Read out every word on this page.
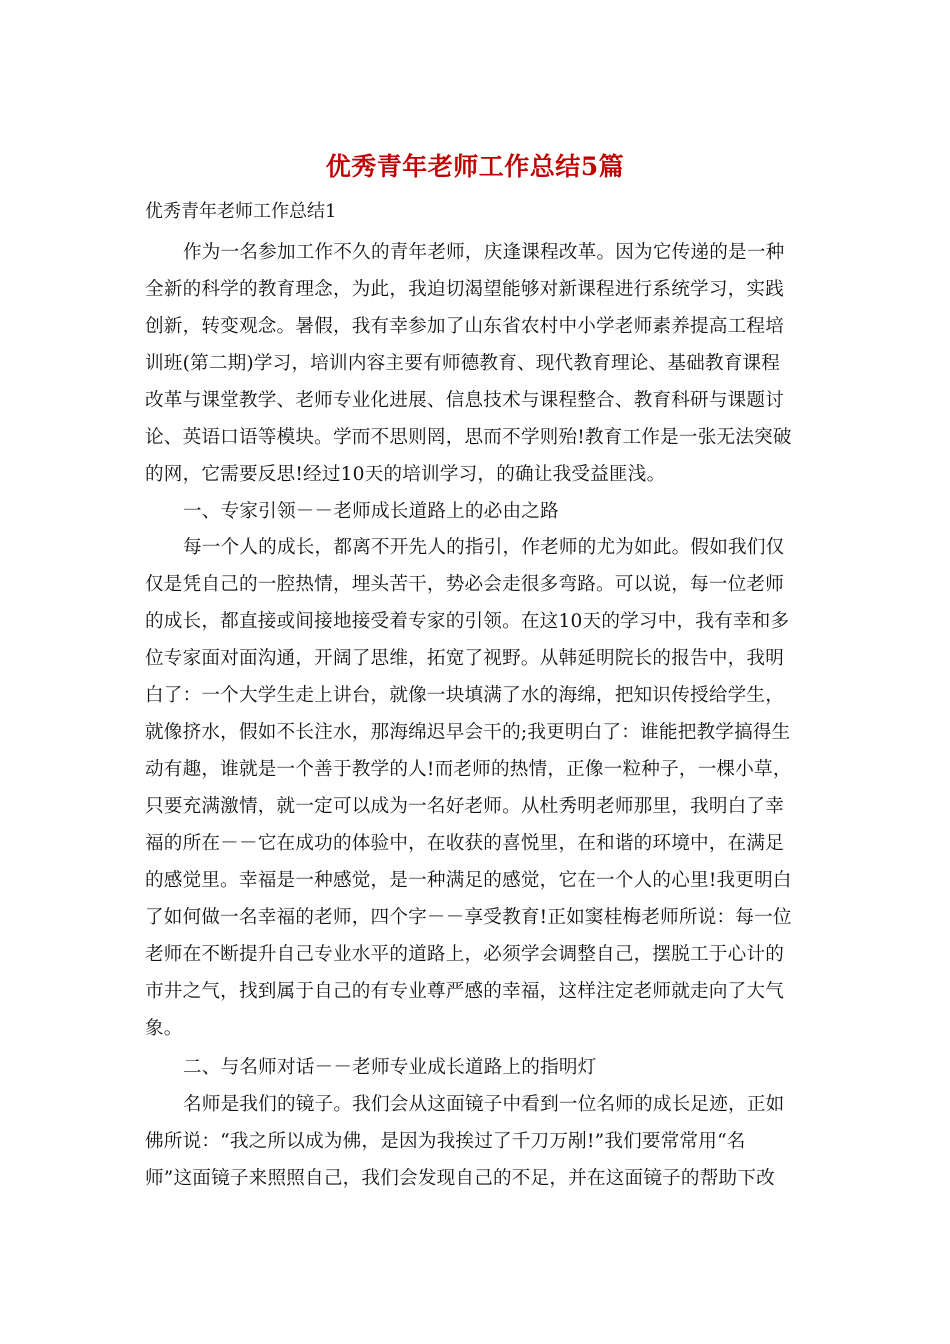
优秀青年老师工作总结5篇
优秀青年老师工作总结1
作为一名参加工作不久的青年老师，庆逢课程改革。因为它传递的是一种
全新的科学的教育理念，为此，我迫切渴望能够对新课程进行系统学习，实践
创新，转变观念。暑假，我有幸参加了山东省农村中小学老师素养提高工程培
训班(第二期)学习，培训内容主要有师德教育、现代教育理论、基础教育课程
改革与课堂教学、老师专业化进展、信息技术与课程整合、教育科研与课题讨
论、英语口语等模块。学而不思则罔，思而不学则殆!教育工作是一张无法突破
的网，它需要反思!经过10天的培训学习，的确让我受益匪浅。
一、专家引领－－老师成长道路上的必由之路
每一个人的成长，都离不开先人的指引，作老师的尤为如此。假如我们仅
仅是凭自己的一腔热情，埋头苦干，势必会走很多弯路。可以说，每一位老师
的成长，都直接或间接地接受着专家的引领。在这10天的学习中，我有幸和多
位专家面对面沟通，开阔了思维，拓宽了视野。从韩延明院长的报告中，我明
白了：一个大学生走上讲台，就像一块填满了水的海绵，把知识传授给学生，
就像挤水，假如不长注水，那海绵迟早会干的;我更明白了：谁能把教学搞得生
动有趣，谁就是一个善于教学的人!而老师的热情，正像一粒种子，一棵小草，
只要充满激情，就一定可以成为一名好老师。从杜秀明老师那里，我明白了幸
福的所在－－它在成功的体验中，在收获的喜悦里，在和谐的环境中，在满足
的感觉里。幸福是一种感觉，是一种满足的感觉，它在一个人的心里!我更明白
了如何做一名幸福的老师，四个字－－享受教育!正如窦桂梅老师所说：每一位
老师在不断提升自己专业水平的道路上，必须学会调整自己，摆脱工于心计的
市井之气，找到属于自己的有专业尊严感的幸福，这样注定老师就走向了大气
象。
二、与名师对话－－老师专业成长道路上的指明灯
名师是我们的镜子。我们会从这面镜子中看到一位名师的成长足迹，正如
佛所说：“我之所以成为佛，是因为我挨过了千刀万剐!”我们要常常用“名
师”这面镜子来照照自己，我们会发现自己的不足，并在这面镜子的帮助下改
